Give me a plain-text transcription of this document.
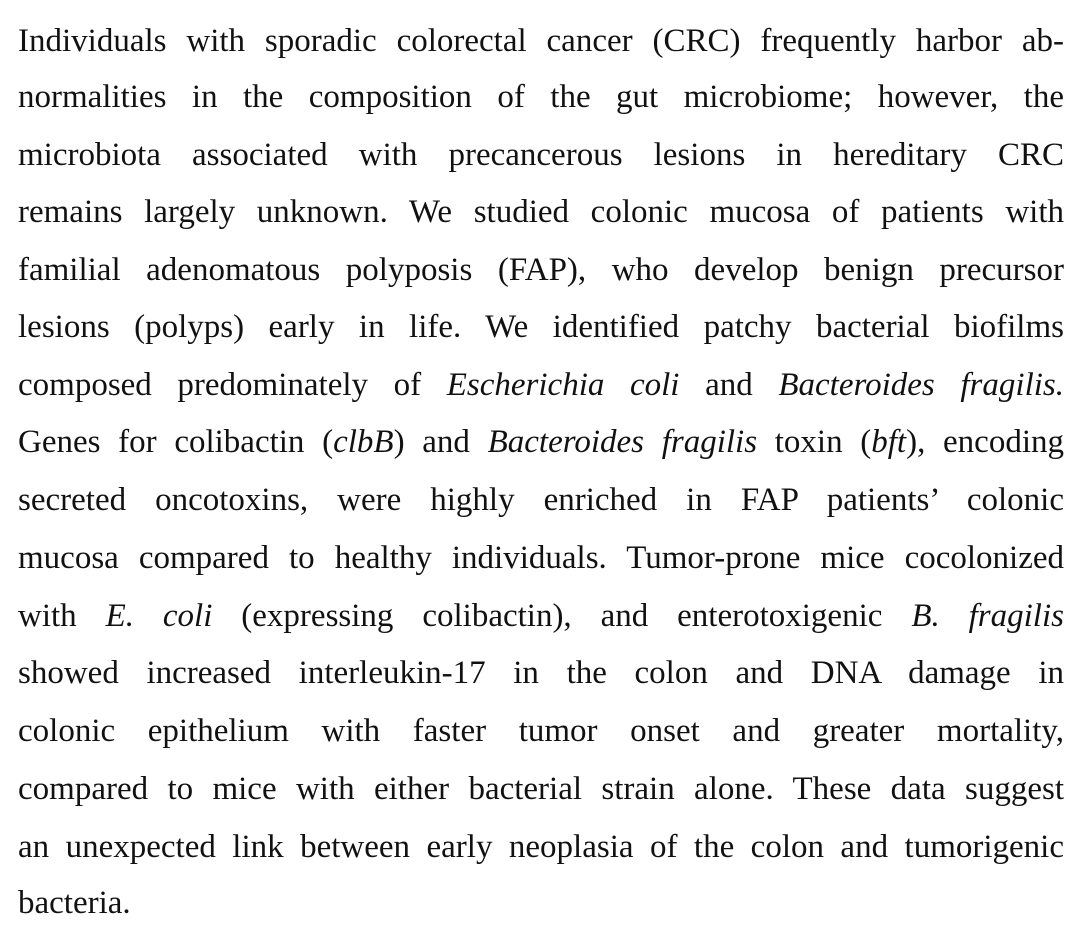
Individuals with sporadic colorectal cancer (CRC) frequently harbor ab-
normalities in the composition of the gut microbiome; however, the
microbiota associated with precancerous lesions in hereditary CRC
remains largely unknown. We studied colonic mucosa of patients with
familial adenomatous polyposis (FAP), who develop benign precursor
lesions (polyps) early in life. We identified patchy bacterial biofilms
composed predominately of Escherichia coli and Bacteroides fragilis.
Genes for colibactin (clbB) and Bacteroides fragilis toxin (bft), encoding
secreted oncotoxins, were highly enriched in FAP patients’ colonic
mucosa compared to healthy individuals. Tumor-prone mice cocolonized
with E. coli (expressing colibactin), and enterotoxigenic B. fragilis
showed increased interleukin-17 in the colon and DNA damage in
colonic epithelium with faster tumor onset and greater mortality,
compared to mice with either bacterial strain alone. These data suggest
an unexpected link between early neoplasia of the colon and tumorigenic
bacteria.
